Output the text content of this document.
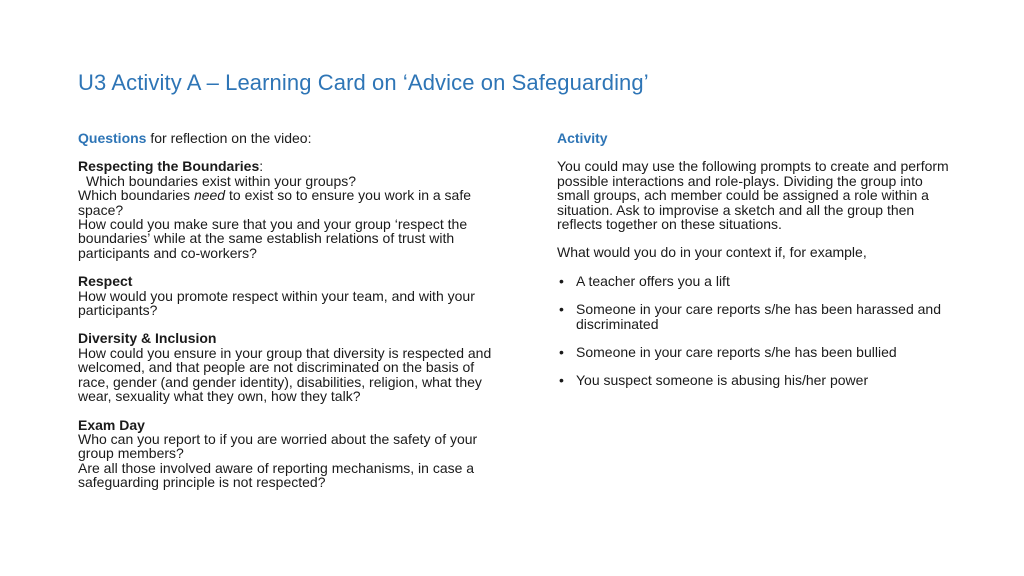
U3 Activity A – Learning Card on ‘Advice on Safeguarding’

Questions for reflection on the video:

Respecting the Boundaries:
Which boundaries exist within your groups?
Which boundaries need to exist so to ensure you work in a safe space?
How could you make sure that you and your group ‘respect the boundaries’ while at the same establish relations of trust with participants and co-workers?

Respect
How would you promote respect within your team, and with your participants?

Diversity & Inclusion
How could you ensure in your group that diversity is respected and welcomed, and that people are not discriminated on the basis of race, gender (and gender identity), disabilities, religion, what they
wear, sexuality what they own, how they talk?

Exam Day
Who can you report to if you are worried about the safety of your group members?
Are all those involved aware of reporting mechanisms, in case a safeguarding principle is not respected?

Activity

You could may use the following prompts to create and perform possible interactions and role-plays. Dividing the group into small groups, ach member could be assigned a role within a situation. Ask to improvise a sketch and all the group then reflects together on these situations.

What would you do in your context if, for example,

• A teacher offers you a lift
• Someone in your care reports s/he has been harassed and discriminated
• Someone in your care reports s/he has been bullied
• You suspect someone is abusing his/her power
